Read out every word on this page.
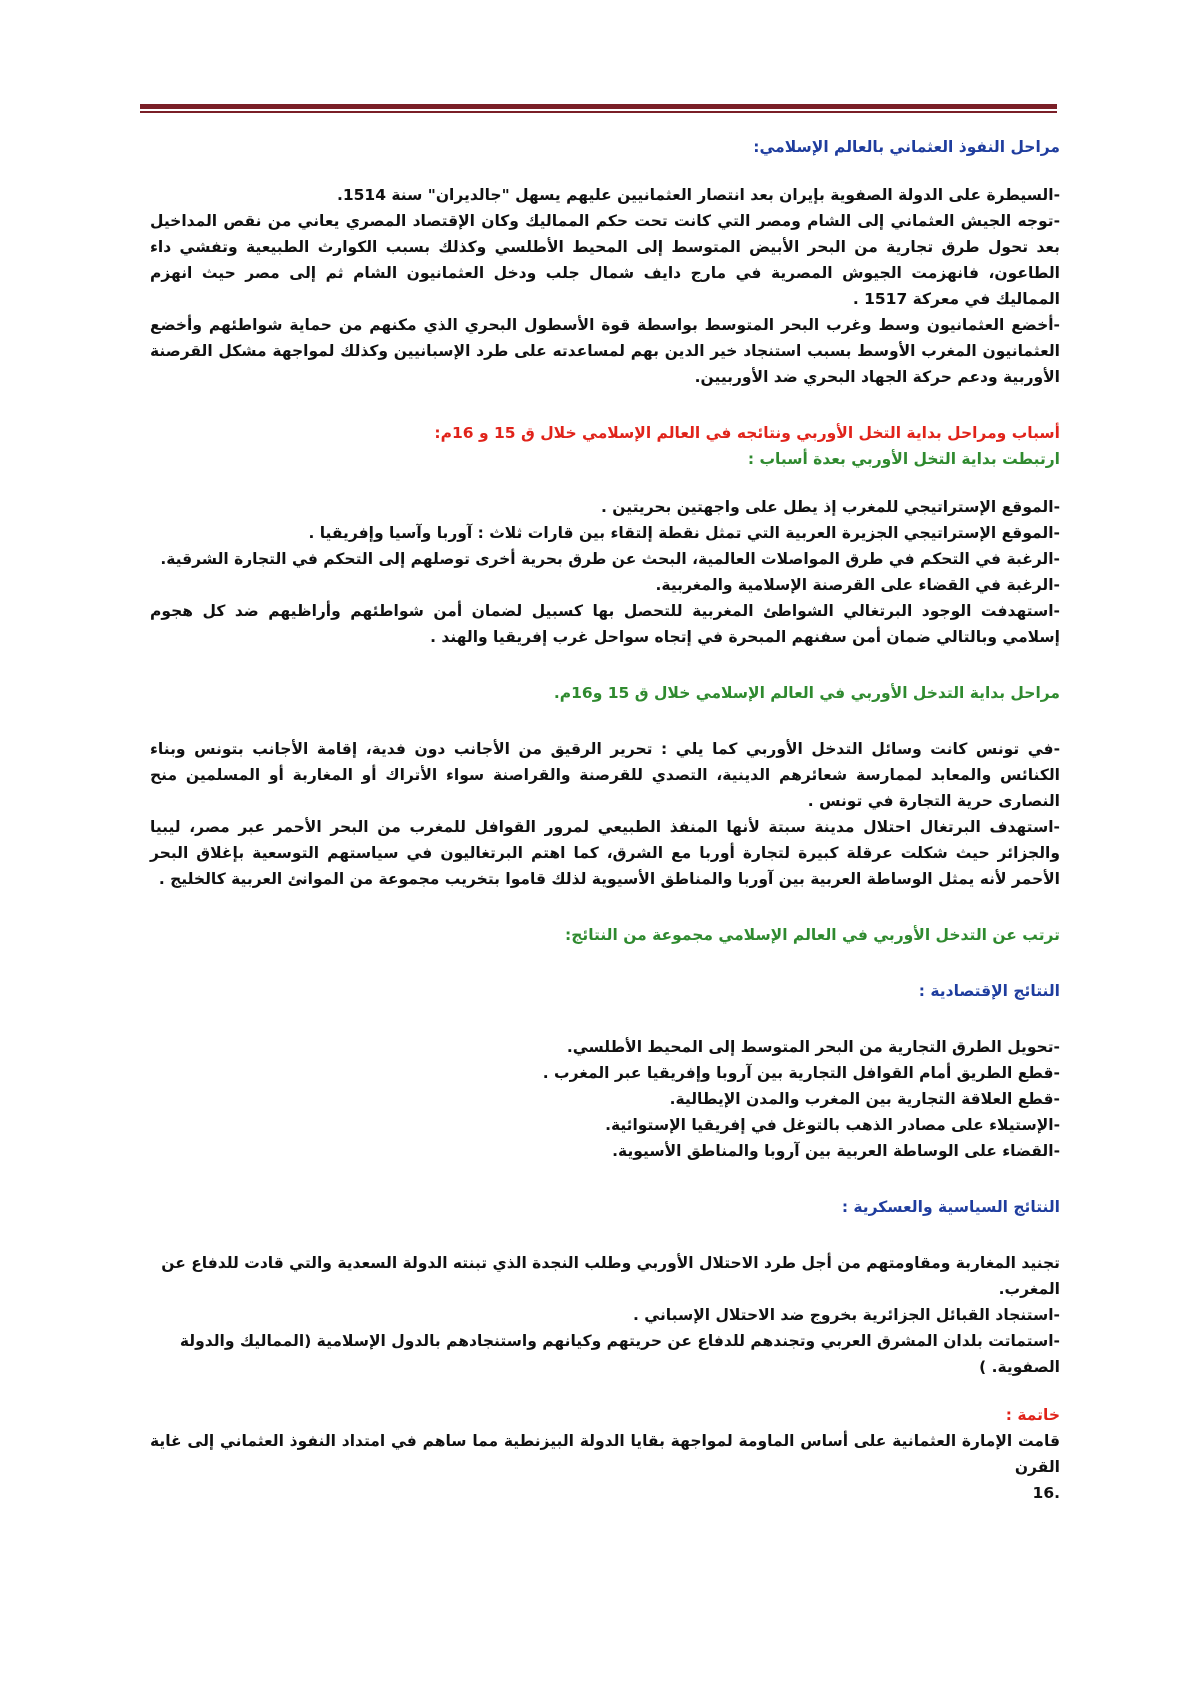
مراحل النفوذ العثماني بالعالم الإسلامي:

-السيطرة على الدولة الصفوية بإيران بعد انتصار العثمانيين عليهم يسهل "جالديران" سنة 1514.

-توجه الجيش العثماني إلى الشام ومصر التي كانت تحت حكم المماليك وكان الإقتصاد المصري يعاني من نقص المداخيل بعد تحول طرق تجارية من البحر الأبيض المتوسط إلى المحيط الأطلسي وكذلك بسبب الكوارث الطبيعية وتفشي داء الطاعون، فانهزمت الجيوش المصرية في مارج دايف شمال جلب ودخل العثمانيون الشام ثم إلى مصر حيث انهزم المماليك في معركة 1517 .

-أخضع العثمانيون وسط وغرب البحر المتوسط بواسطة قوة الأسطول البحري الذي مكنهم من حماية شواطئهم وأخضع العثمانيون المغرب الأوسط بسبب استنجاد خير الدين بهم لمساعدته على طرد الإسبانيين وكذلك لمواجهة مشكل القرصنة الأوربية ودعم حركة الجهاد البحري ضد الأوربيين.

أسباب ومراحل بداية التخل الأوربي ونتائجه في العالم الإسلامي خلال ق 15 و 16م:
ارتبطت بداية التخل الأوربي بعدة أسباب :
-الموقع الإستراتيجي للمغرب إذ يطل على واجهتين بحريتين .
-الموقع الإستراتيجي الجزيرة العربية التي تمثل نقطة إلتقاء بين قارات ثلاث : آوربا وآسيا وإفريقيا .
-الرغبة في التحكم في طرق المواصلات العالمية، البحث عن طرق بحرية أخرى توصلهم إلى التحكم في التجارة الشرقية.
-الرغبة في القضاء على القرصنة الإسلامية والمغربية.

-استهدفت الوجود البرتغالي الشواطئ المغربية للتحصل بها كسبيل لضمان أمن شواطئهم وأراظيهم ضد كل هجوم إسلامي وبالتالي ضمان أمن سفنهم المبحرة في إتجاه سواحل غرب إفريقيا والهند .

مراحل بداية التدخل الأوربي في العالم الإسلامي خلال ق 15 و16م.

-في تونس كانت وسائل التدخل الأوربي كما يلي : تحرير الرقيق من الأجانب دون فدية، إقامة الأجانب بتونس وبناء الكنائس والمعابد لممارسة شعائرهم الدينية، التصدي للقرصنة والقراصنة سواء الأتراك أو المغاربة أو المسلمين منح النصارى حرية التجارة في تونس .

-استهدف البرتغال احتلال مدينة سبتة لأنها المنفذ الطبيعي لمرور القوافل للمغرب من البحر الأحمر عبر مصر، ليبيا والجزائر حيث شكلت عرقلة كبيرة لتجارة أوربا مع الشرق، كما اهتم البرتغاليون في سياستهم التوسعية بإغلاق البحر الأحمر لأنه يمثل الوساطة العربية بين آوربا والمناطق الأسيوية لذلك قاموا بتخريب مجموعة من الموانئ العربية كالخليج .

ترتب عن التدخل الأوربي في العالم الإسلامي مجموعة من النتائج:
النتائج الإقتصادية :
-تحويل الطرق التجارية من البحر المتوسط إلى المحيط الأطلسي.
-قطع الطريق أمام القوافل التجارية بين آروبا وإفريقيا عبر المغرب .
-قطع العلاقة التجارية بين المغرب والمدن الإيطالية.
-الإستيلاء على مصادر الذهب بالتوغل في إفريقيا الإستوائية.
-القضاء على الوساطة العربية بين آروبا والمناطق الأسيوية.
النتائج السياسية والعسكرية :
تجنيد المغاربة ومقاومتهم من أجل طرد الاحتلال الأوربي وطلب النجدة الذي تبنته الدولة السعدية والتي قادت للدفاع عن المغرب.
-استنجاد القبائل الجزائرية بخروج ضد الاحتلال الإسباني .
-استماتت بلدان المشرق العربي وتجندهم للدفاع عن حريتهم وكيانهم واستنجادهم بالدول الإسلامية (المماليك والدولة الصفوية. )
خاتمة :

قامت الإمارة العثمانية على أساس الماومة لمواجهة بقايا الدولة البيزنطية مما ساهم في امتداد النفوذ العثماني إلى غاية القرن

.16
